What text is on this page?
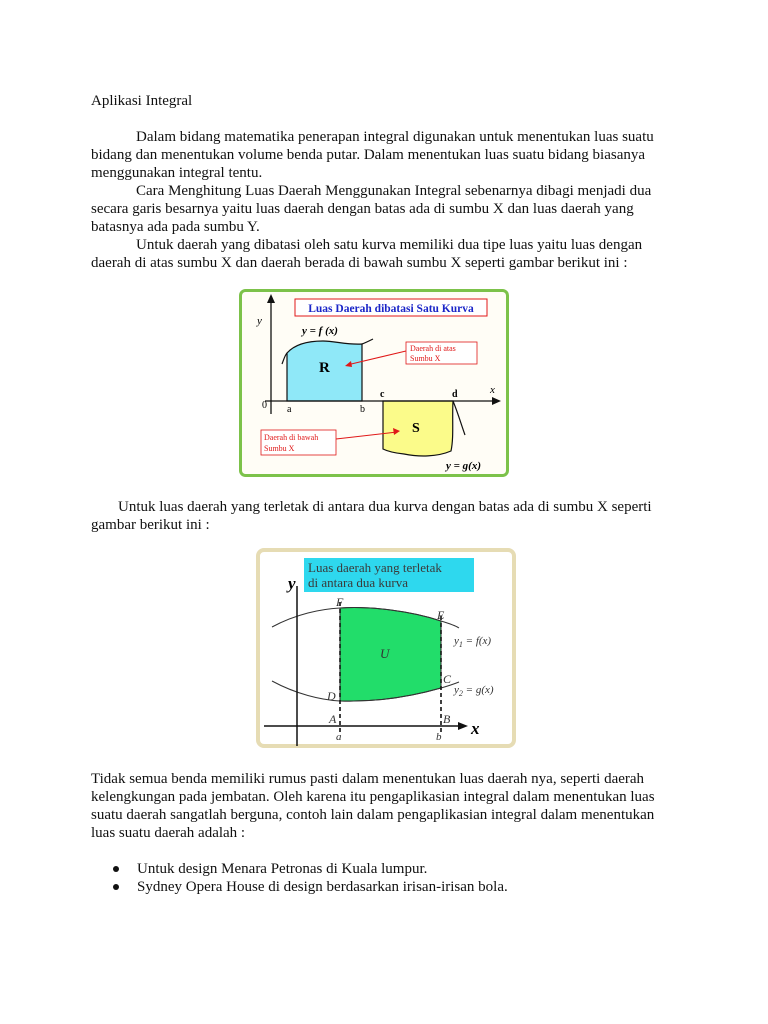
Aplikasi Integral

Dalam bidang matematika penerapan integral digunakan untuk menentukan luas suatu

bidang dan menentukan volume benda putar. Dalam menentukan luas suatu bidang biasanya

menggunakan integral tentu.

Cara Menghitung Luas Daerah Menggunakan Integral sebenarnya dibagi menjadi dua

secara garis besarnya yaitu luas daerah dengan batas ada di sumbu X dan luas daerah yang

batasnya ada pada sumbu Y.

Untuk daerah yang dibatasi oleh satu kurva memiliki dua tipe luas yaitu luas dengan

daerah di atas sumbu X dan daerah berada di bawah sumbu X seperti gambar berikut ini :

Luas Daerah dibatasi Satu Kurva
y
x
0 a	b
c	d
y = f (x)
y = g(x)
R
S
Daerah di atas
Sumbu X
Daerah di bawah
Sumbu X

Untuk luas daerah yang terletak di antara dua kurva dengan batas ada di sumbu X seperti

gambar berikut ini :

Luas daerah yang terletak
di antara dua kurva
y
x
F
E
D
C
A	B
a	b
U
$y_1 = f(x)$
$y_2 = g(x)$

Tidak semua benda memiliki rumus pasti dalam menentukan luas daerah nya, seperti daerah

kelengkungan pada jembatan. Oleh karena itu pengaplikasian integral dalam menentukan luas

suatu daerah sangatlah berguna, contoh lain dalam pengaplikasian integral dalam menentukan

luas suatu daerah adalah :

Untuk design Menara Petronas di Kuala lumpur.
Sydney Opera House di design berdasarkan irisan-irisan bola.
